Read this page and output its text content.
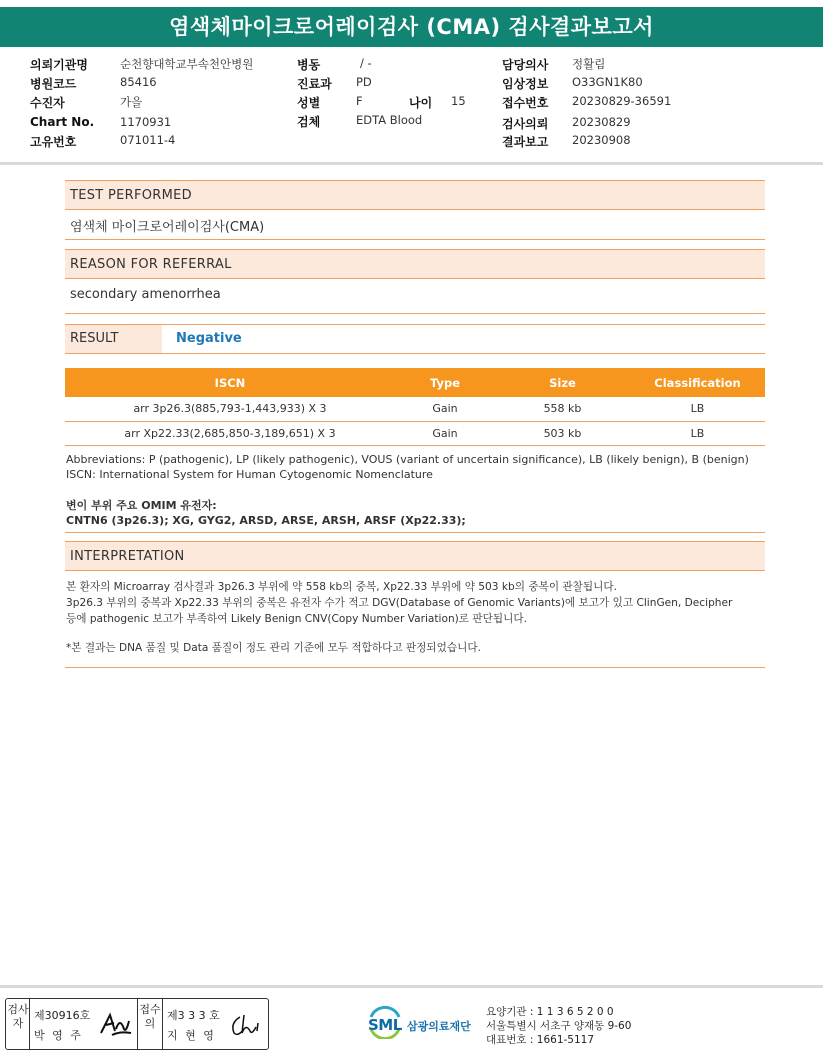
염색체마이크로어레이검사 (CMA) 검사결과보고서
의뢰기관명	순천향대학교부속천안병원
병원코드	85416
수진자	가을
Chart No. 1170931
고유번호	071011-4
병동	/ -
진료과 PD
성별	F	나이 15
검체	EDTA Blood
담당의사 정활림
임상정보 O33GN1K80
접수번호 20230829-36591
검사의뢰 20230829
결과보고 20230908
TEST PERFORMED
염색체 마이크로어레이검사(CMA)
REASON FOR REFERRAL
secondary amenorrhea
RESULT	Negative
ISCN	Type	Size	Classification
arr 3p26.3(885,793-1,443,933) X 3	Gain	558 kb	LB
arr Xp22.33(2,685,850-3,189,651) X 3	Gain	503 kb	LB
Abbreviations: P (pathogenic), LP (likely pathogenic), VOUS (variant of uncertain significance), LB (likely benign), B (benign)
ISCN: International System for Human Cytogenomic Nomenclature
변이 부위 주요 OMIM 유전자:
CNTN6 (3p26.3); XG, GYG2, ARSD, ARSE, ARSH, ARSF (Xp22.33);
INTERPRETATION
본 환자의 Microarray 검사결과 3p26.3 부위에 약 558 kb의 중복, Xp22.33 부위에 약 503 kb의 중복이 관찰됩니다.
3p26.3 부위의 중복과 Xp22.33 부위의 중복은 유전자 수가 적고 DGV(Database of Genomic Variants)에 보고가 있고 ClinGen, Decipher
등에 pathogenic 보고가 부족하여 Likely Benign CNV(Copy Number Variation)로 판단됩니다.
*본 결과는 DNA 품질 및 Data 품질이 정도 관리 기준에 모두 적합하다고 판정되었습니다.
검사자
제30916호
박 영 주
접수의
제3 3 3 호
지 현 영
SML 삼광의료재단
요양기관 : 1 1 3 6 5 2 0 0
서울특별시 서초구 양재동 9-60
대표번호 : 1661-5117
